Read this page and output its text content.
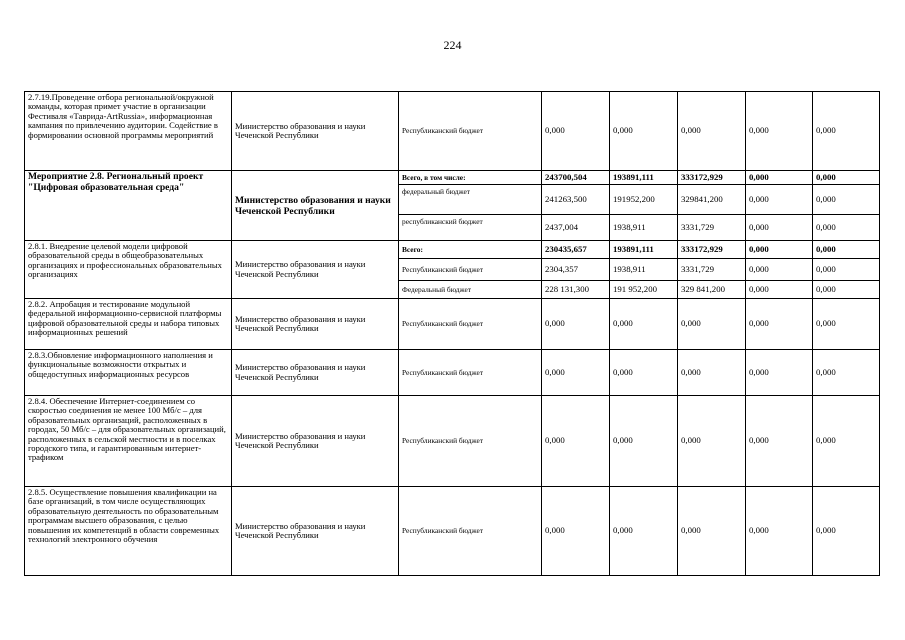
224
2.7.19.Проведение отбора региональной/окружной команды, которая примет участие в организации Фестиваля «Таврида-ArtRussia», информационная кампания по привлечению аудитории. Содействие в формировании основной программы мероприятий	Министерство образования и науки Чеченской Республики	Республиканский бюджет	0,000	0,000	0,000	0,000	0,000
Мероприятие 2.8. Региональный проект "Цифровая образовательная среда"	Министерство образования и науки Чеченской Республики	Всего, в том числе:	243700,504	193891,111	333172,929	0,000	0,000
		федеральный бюджет	241263,500	191952,200	329841,200	0,000	0,000
		республиканский бюджет	2437,004	1938,911	3331,729	0,000	0,000
2.8.1. Внедрение целевой модели цифровой образовательной среды в общеобразовательных организациях и профессиональных образовательных организациях	Министерство образования и науки Чеченской Республики	Всего:	230435,657	193891,111	333172,929	0,000	0,000
		Республиканский бюджет	2304,357	1938,911	3331,729	0,000	0,000
		Федеральный бюджет	228 131,300	191 952,200	329 841,200	0,000	0,000
2.8.2. Апробация и тестирование модульной федеральной информационно-сервисной платформы цифровой образовательной среды и набора типовых информационных решений	Министерство образования и науки Чеченской Республики	Республиканский бюджет	0,000	0,000	0,000	0,000	0,000
2.8.3.Обновление информационного наполнения и функциональные возможности открытых и общедоступных информационных ресурсов	Министерство образования и науки Чеченской Республики	Республиканский бюджет	0,000	0,000	0,000	0,000	0,000
2.8.4. Обеспечение Интернет-соединением со скоростью соединения не менее 100 Мб/с – для образовательных организаций, расположенных в городах, 50 Мб/с – для образовательных организаций, расположенных в сельской местности и в поселках городского типа, и гарантированным интернет-трафиком	Министерство образования и науки Чеченской Республики	Республиканский бюджет	0,000	0,000	0,000	0,000	0,000
2.8.5. Осуществление повышения квалификации на базе организаций, в том числе осуществляющих образовательную деятельность по образовательным программам высшего образования, с целью повышения их компетенций в области современных технологий электронного обучения	Министерство образования и науки Чеченской Республики	Республиканский бюджет	0,000	0,000	0,000	0,000	0,000
